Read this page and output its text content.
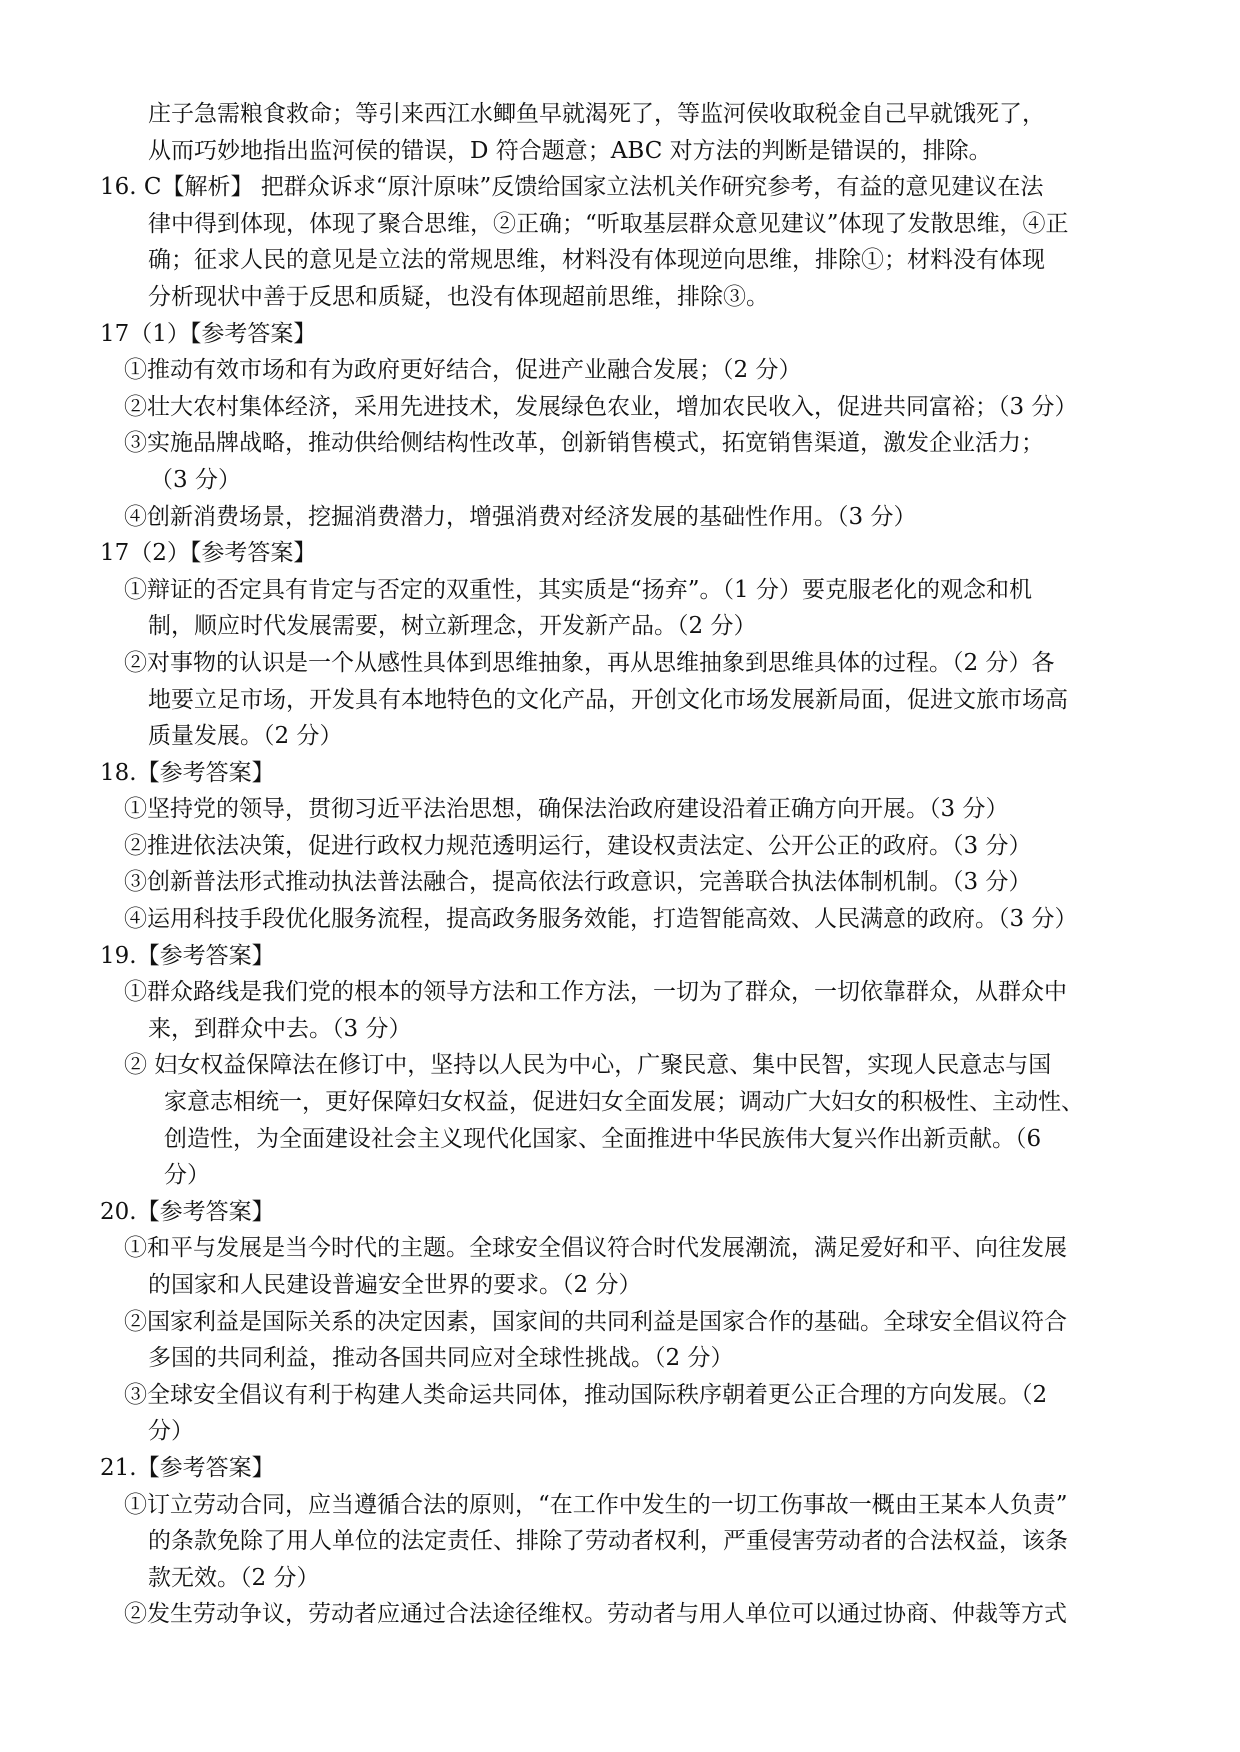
庄子急需粮食救命；等引来西江水鲫鱼早就渴死了，等监河侯收取税金自己早就饿死了，
从而巧妙地指出监河侯的错误，D 符合题意；ABC 对方法的判断是错误的，排除。
16. C【解析】 把群众诉求“原汁原味”反馈给国家立法机关作研究参考，有益的意见建议在法
律中得到体现，体现了聚合思维，②正确；“听取基层群众意见建议”体现了发散思维，④正
确；征求人民的意见是立法的常规思维，材料没有体现逆向思维，排除①；材料没有体现
分析现状中善于反思和质疑，也没有体现超前思维，排除③。
17（1）【参考答案】
①推动有效市场和有为政府更好结合，促进产业融合发展；（2 分）
②壮大农村集体经济，采用先进技术，发展绿色农业，增加农民收入，促进共同富裕；（3 分）
③实施品牌战略，推动供给侧结构性改革，创新销售模式，拓宽销售渠道，激发企业活力；
（3 分）
④创新消费场景，挖掘消费潜力，增强消费对经济发展的基础性作用。（3 分）
17（2）【参考答案】
①辩证的否定具有肯定与否定的双重性，其实质是“扬弃”。（1 分）要克服老化的观念和机
制，顺应时代发展需要，树立新理念，开发新产品。（2 分）
②对事物的认识是一个从感性具体到思维抽象，再从思维抽象到思维具体的过程。（2 分）各
地要立足市场，开发具有本地特色的文化产品，开创文化市场发展新局面，促进文旅市场高
质量发展。（2 分）
18.【参考答案】
①坚持党的领导，贯彻习近平法治思想，确保法治政府建设沿着正确方向开展。（3 分）
②推进依法决策，促进行政权力规范透明运行，建设权责法定、公开公正的政府。（3 分）
③创新普法形式推动执法普法融合，提高依法行政意识，完善联合执法体制机制。（3 分）
④运用科技手段优化服务流程，提高政务服务效能，打造智能高效、人民满意的政府。（3 分）
19.【参考答案】
①群众路线是我们党的根本的领导方法和工作方法，一切为了群众，一切依靠群众，从群众中
来，到群众中去。（3 分）
② 妇女权益保障法在修订中，坚持以人民为中心，广聚民意、集中民智，实现人民意志与国
家意志相统一，更好保障妇女权益，促进妇女全面发展；调动广大妇女的积极性、主动性、
创造性，为全面建设社会主义现代化国家、全面推进中华民族伟大复兴作出新贡献。（6
分）
20.【参考答案】
①和平与发展是当今时代的主题。全球安全倡议符合时代发展潮流，满足爱好和平、向往发展
的国家和人民建设普遍安全世界的要求。（2 分）
②国家利益是国际关系的决定因素，国家间的共同利益是国家合作的基础。全球安全倡议符合
多国的共同利益，推动各国共同应对全球性挑战。（2 分）
③全球安全倡议有利于构建人类命运共同体，推动国际秩序朝着更公正合理的方向发展。（2
分）
21.【参考答案】
①订立劳动合同，应当遵循合法的原则，“在工作中发生的一切工伤事故一概由王某本人负责”
的条款免除了用人单位的法定责任、排除了劳动者权利，严重侵害劳动者的合法权益，该条
款无效。（2 分）
②发生劳动争议，劳动者应通过合法途径维权。劳动者与用人单位可以通过协商、仲裁等方式
